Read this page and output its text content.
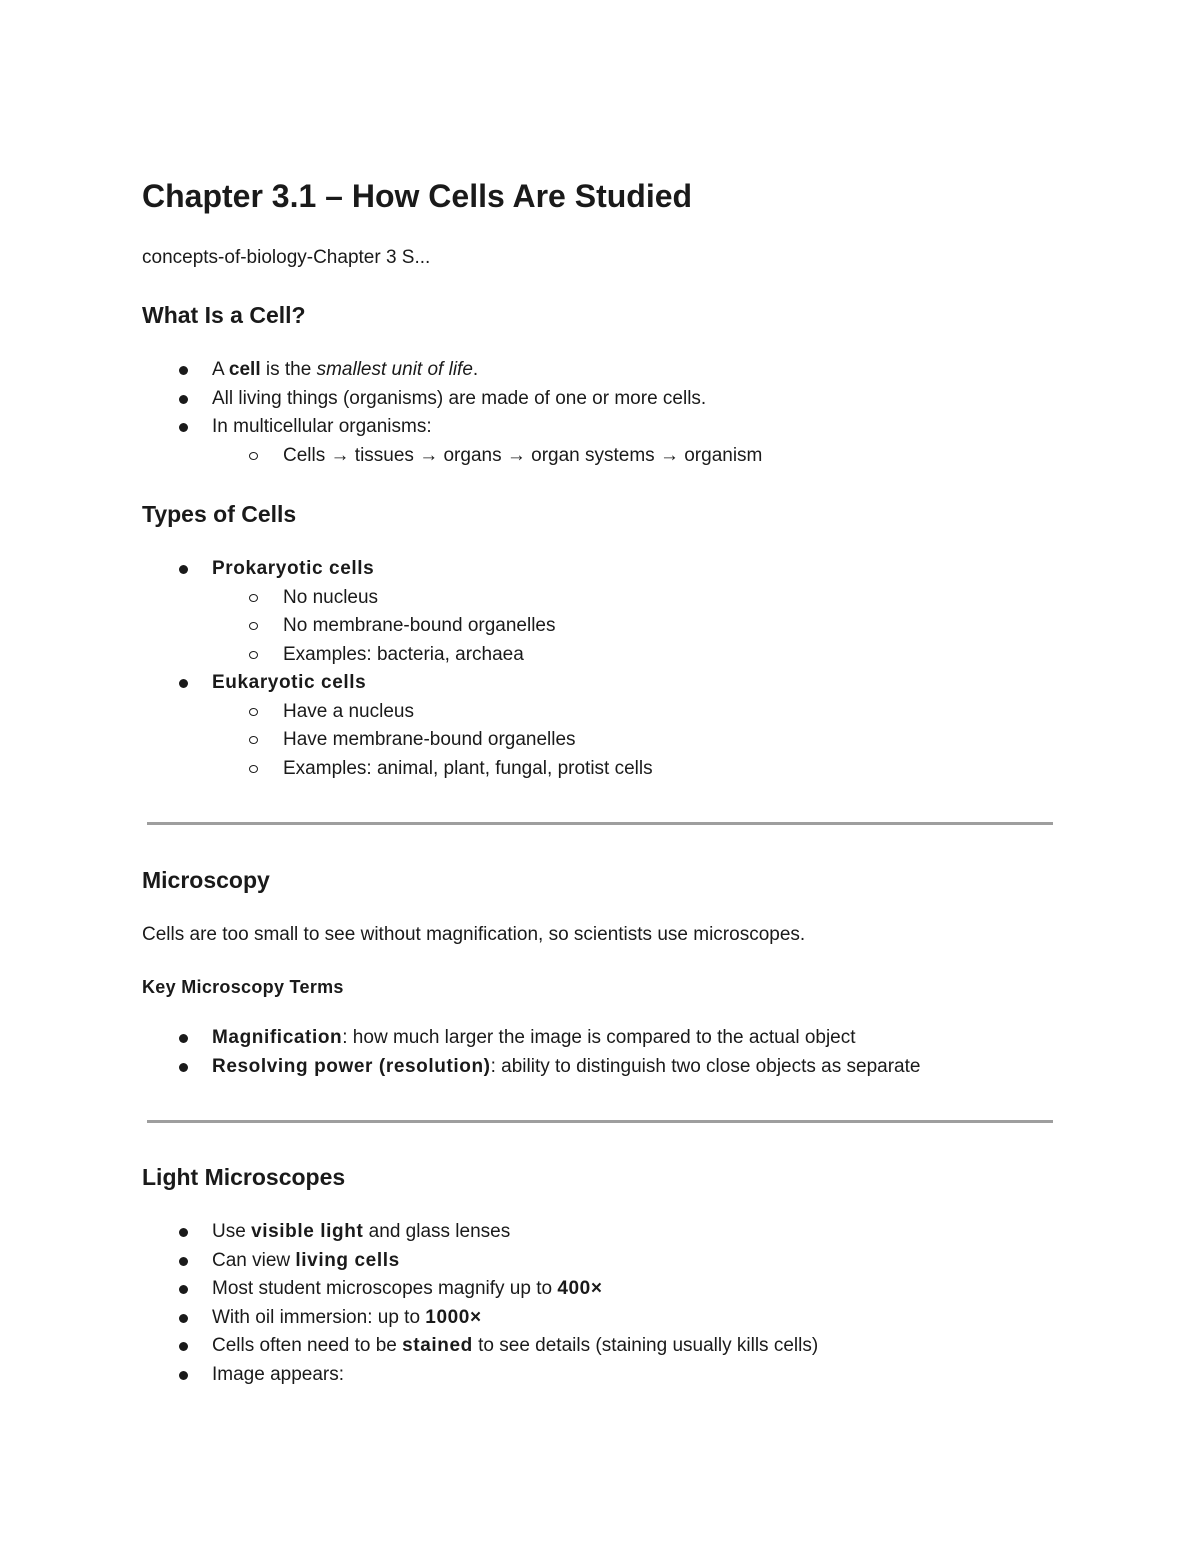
Chapter 3.1 – How Cells Are Studied

concepts-of-biology-Chapter 3 S...

What Is a Cell?
A cell is the smallest unit of life.
All living things (organisms) are made of one or more cells.
In multicellular organisms:
Cells → tissues → organs → organ systems → organism
Types of Cells
Prokaryotic cells
No nucleus
No membrane-bound organelles
Examples: bacteria, archaea
Eukaryotic cells
Have a nucleus
Have membrane-bound organelles
Examples: animal, plant, fungal, protist cells
Microscopy

Cells are too small to see without magnification, so scientists use microscopes.

Key Microscopy Terms
Magnification: how much larger the image is compared to the actual object
Resolving power (resolution): ability to distinguish two close objects as separate
Light Microscopes
Use visible light and glass lenses
Can view living cells
Most student microscopes magnify up to 400×
With oil immersion: up to 1000×
Cells often need to be stained to see details (staining usually kills cells)
Image appears:
